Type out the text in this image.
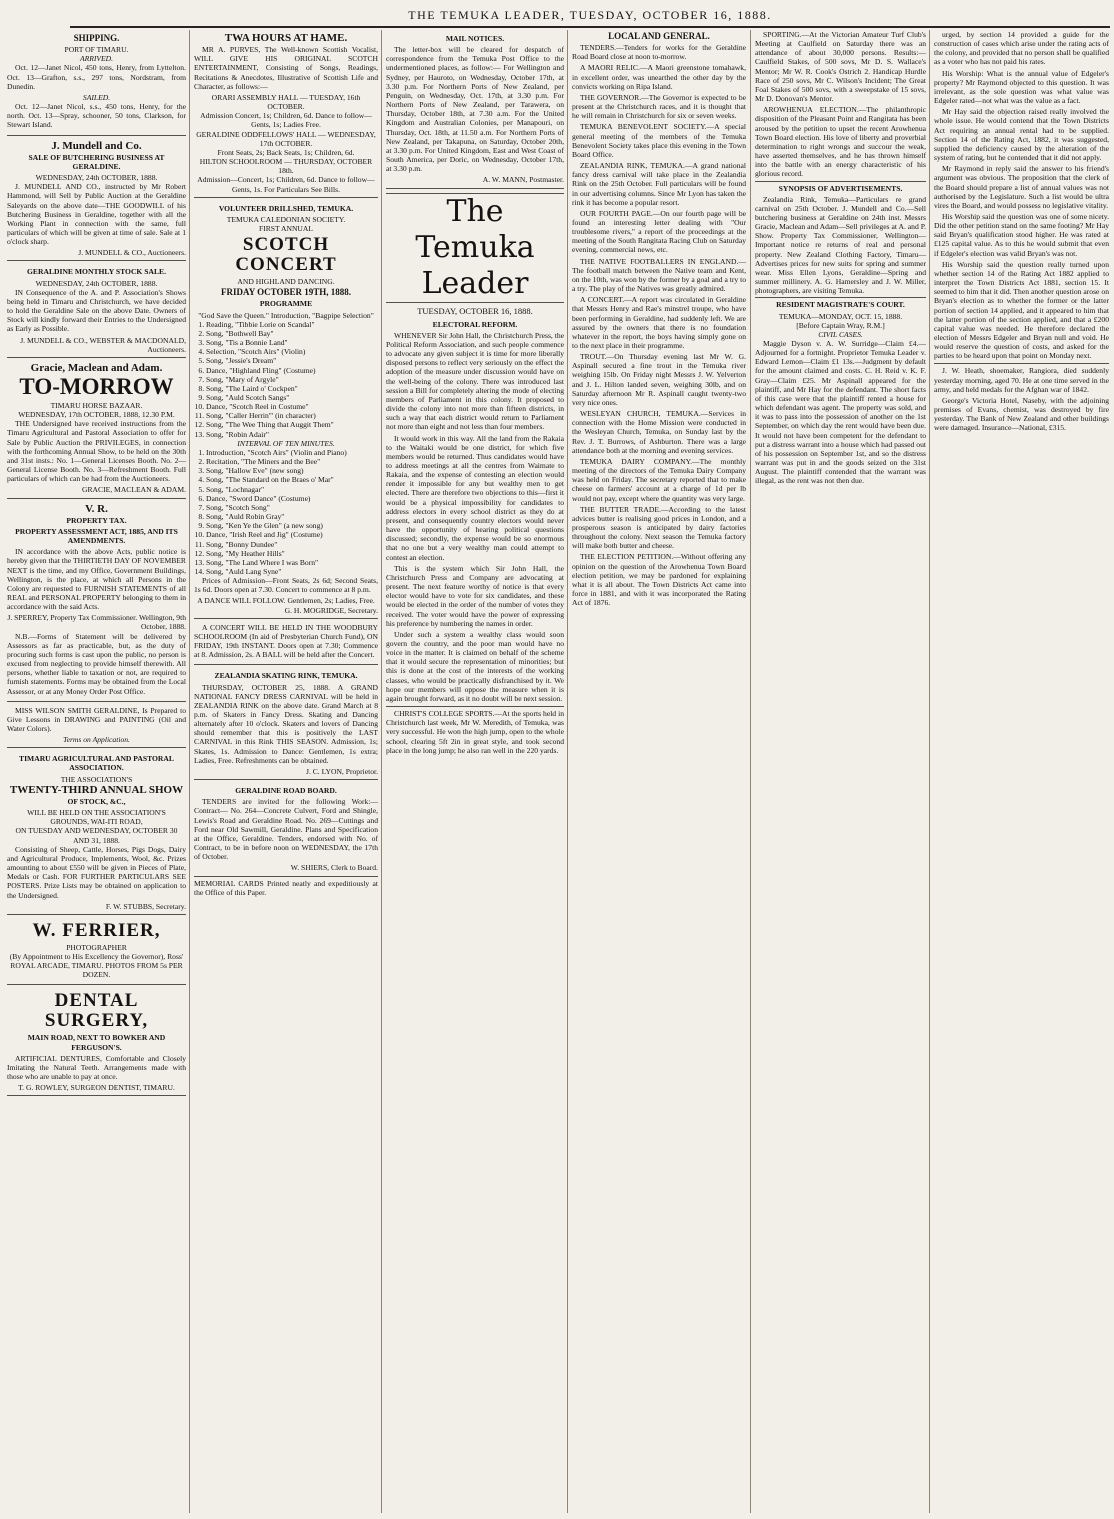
THE TEMUKA LEADER, TUESDAY, OCTOBER 16, 1888.
SHIPPING.
PORT OF TIMARU.
ARRIVED.

Oct. 12—Janet Nicol, 450 tons, Henry, from Lyttelton. Oct. 13—Grafton, s.s., 297 tons, Nordstram, from Dunedin.

SAILED.

Oct. 12—Janet Nicol, s.s., 450 tons, Henry, for the north. Oct. 13—Spray, schooner, 50 tons, Clarkson, for Stewart Island.

J. Mundell and Co.
SALE OF BUTCHERING BUSINESS AT GERALDINE.
WEDNESDAY, 24th OCTOBER, 1888.

J. MUNDELL AND CO., instructed by Mr Robert Hammond, will Sell by Public Auction at the Geraldine Saleyards on the above date—THE GOODWILL of his Butchering Business in Geraldine, together with all the Working Plant in connection with the same, full particulars of which will be given at time of sale. Sale at 1 o'clock sharp.

J. MUNDELL & CO., Auctioneers.
GERALDINE MONTHLY STOCK SALE.
WEDNESDAY, 24th OCTOBER, 1888.

IN Consequence of the A. and P. Association's Shows being held in Timaru and Christchurch, we have decided to hold the Geraldine Sale on the above Date. Owners of Stock will kindly forward their Entries to the Undersigned as Early as Possible.

J. MUNDELL & CO., WEBSTER & MACDONALD, Auctioneers.
Gracie, Maclean and Adam.
TO-MORROW
TIMARU HORSE BAZAAR.
WEDNESDAY, 17th OCTOBER, 1888, 12.30 P.M.

THE Undersigned have received instructions from the Timaru Agricultural and Pastoral Association to offer for Sale by Public Auction the PRIVILEGES, in connection with the forthcoming Annual Show, to be held on the 30th and 31st insts.: No. 1—General Licenses Booth. No. 2—General License Booth. No. 3—Refreshment Booth. Full particulars of which can be had from the Auctioneers.

GRACIE, MACLEAN & ADAM.
V. R.
PROPERTY TAX.
PROPERTY ASSESSMENT ACT, 1885, AND ITS AMENDMENTS.

IN accordance with the above Acts, public notice is hereby given that the THIRTIETH DAY OF NOVEMBER NEXT is the time, and my Office, Government Buildings, Wellington, is the place, at which all Persons in the Colony are requested to FURNISH STATEMENTS of all REAL and PERSONAL PROPERTY belonging to them in accordance with the said Acts.

J. SPERREY, Property Tax Commissioner. Wellington, 9th October, 1888.

N.B.—Forms of Statement will be delivered by Assessors as far as practicable, but, as the duty of procuring such forms is cast upon the public, no person is excused from neglecting to provide himself therewith. All persons, whether liable to taxation or not, are required to furnish statements. Forms may be obtained from the Local Assessor, or at any Money Order Post Office.

MISS WILSON SMITH GERALDINE, Is Prepared to Give Lessons in DRAWING and PAINTING (Oil and Water Colors).

Terms on Application.
TIMARU AGRICULTURAL AND PASTORAL ASSOCIATION.
THE ASSOCIATION'S
TWENTY-THIRD ANNUAL SHOW
OF STOCK, &C.,
WILL BE HELD ON THE ASSOCIATION'S GROUNDS, WAI-ITI ROAD,
ON TUESDAY AND WEDNESDAY, OCTOBER 30 AND 31, 1888.

Consisting of Sheep, Cattle, Horses, Pigs Dogs, Dairy and Agricultural Produce, Implements, Wool, &c. Prizes amounting to about £550 will be given in Pieces of Plate, Medals or Cash. FOR FURTHER PARTICULARS SEE POSTERS. Prize Lists may be obtained on application to the Undersigned.

F. W. STUBBS, Secretary.
W. FERRIER,
PHOTOGRAPHER

(By Appointment to His Excellency the Governor), Ross' ROYAL ARCADE, TIMARU. PHOTOS FROM 5s PER DOZEN.

DENTAL SURGERY,
MAIN ROAD, NEXT TO BOWKER AND FERGUSON'S.

ARTIFICIAL DENTURES, Comfortable and Closely Imitating the Natural Teeth. Arrangements made with those who are unable to pay at once.

T. G. ROWLEY, SURGEON DENTIST, TIMARU.
TWA HOURS AT HAME.

MR A. PURVES, The Well-known Scottish Vocalist, WILL GIVE HIS ORIGINAL SCOTCH ENTERTAINMENT, Consisting of Songs, Readings, Recitations & Anecdotes, Illustrative of Scottish Life and Character, as follows:—

ORARI ASSEMBLY HALL — TUESDAY, 16th OCTOBER.
Admission Concert, 1s; Children, 6d. Dance to follow—Gents, 1s; Ladies Free.
GERALDINE ODDFELLOWS' HALL — WEDNESDAY, 17th OCTOBER.
Front Seats, 2s; Back Seats, 1s; Children, 6d.
HILTON SCHOOLROOM — THURSDAY, OCTOBER 18th.
Admission—Concert, 1s; Children, 6d. Dance to follow—Gents, 1s. For Particulars See Bills.
VOLUNTEER DRILLSHED, TEMUKA.
TEMUKA CALEDONIAN SOCIETY.
FIRST ANNUAL
SCOTCH CONCERT
AND HIGHLAND DANCING.
FRIDAY OCTOBER 19TH, 1888.
PROGRAMME
"God Save the Queen." Introduction, "Bagpipe Selection"
1. Reading, "Tibbie Lorie on Scandal"
2. Song, "Bothwell Bay"
3. Song, "Tis a Bonnie Land"
4. Selection, "Scotch Airs" (Violin)
5. Song, "Jessie's Dream"
6. Dance, "Highland Fling" (Costume)
7. Song, "Mary of Argyle"
8. Song, "The Laird o' Cockpen"
9. Song, "Auld Scotch Sangs"
10. Dance, "Scotch Reel in Costume"
11. Song, "Caller Herrin'" (in character)
12. Song, "The Wee Thing that Auggit Them"
13. Song, "Robin Adair"
INTERVAL OF TEN MINUTES.
1. Introduction, "Scotch Airs" (Violin and Piano)
2. Recitation, "The Miners and the Bee"
3. Song, "Hallow Eve" (new song)
4. Song, "The Standard on the Braes o' Mar"
5. Song, "Lochnagar"
6. Dance, "Sword Dance" (Costume)
7. Song, "Scotch Song"
8. Song, "Auld Robin Gray"
9. Song, "Ken Ye the Glen" (a new song)
10. Dance, "Irish Reel and Jig" (Costume)
11. Song, "Bonny Dundee"
12. Song, "My Heather Hills"
13. Song, "The Land Where I was Born"
14. Song, "Auld Lang Syne"

Prices of Admission—Front Seats, 2s 6d; Second Seats, 1s 6d. Doors open at 7.30. Concert to commence at 8 p.m.

A DANCE WILL FOLLOW. Gentlemen, 2s; Ladies, Free.
G. H. MOGRIDGE, Secretary.

A CONCERT WILL BE HELD IN THE WOODBURY SCHOOLROOM (In aid of Presbyterian Church Fund), ON FRIDAY, 19th INSTANT. Doors open at 7.30; Commence at 8. Admission, 2s. A BALL will be held after the Concert.

ZEALANDIA SKATING RINK, TEMUKA.

THURSDAY, OCTOBER 25, 1888. A GRAND NATIONAL FANCY DRESS CARNIVAL will be held in ZEALANDIA RINK on the above date. Grand March at 8 p.m. of Skaters in Fancy Dress. Skating and Dancing alternately after 10 o'clock. Skaters and lovers of Dancing should remember that this is positively the LAST CARNIVAL in this Rink THIS SEASON. Admission, 1s; Skates, 1s. Admission to Dance: Gentlemen, 1s extra; Ladies, Free. Refreshments can be obtained.

J. C. LYON, Proprietor.
GERALDINE ROAD BOARD.

TENDERS are invited for the following Work:— Contract— No. 264—Concrete Culvert, Ford and Shingle, Lewis's Road and Geraldine Road. No. 269—Cuttings and Ford near Old Sawmill, Geraldine. Plans and Specification at the Office, Geraldine. Tenders, endorsed with No. of Contract, to be in before noon on WEDNESDAY, the 17th of October.

W. SHIERS, Clerk to Board.

MEMORIAL CARDS Printed neatly and expeditiously at the Office of this Paper.

MAIL NOTICES.

The letter-box will be cleared for despatch of correspondence from the Temuka Post Office to the undermentioned places, as follow:— For Wellington and Sydney, per Hauroto, on Wednesday, October 17th, at 3.30 p.m. For Northern Ports of New Zealand, per Penguin, on Wednesday, Oct. 17th, at 3.30 p.m. For Northern Ports of New Zealand, per Tarawera, on Thursday, October 18th, at 7.30 a.m. For the United Kingdom and Australian Colonies, per Manapouri, on Thursday, Oct. 18th, at 11.50 a.m. For Northern Ports of New Zealand, per Takapuna, on Saturday, October 20th, at 3.30 p.m. For United Kingdom, East and West Coast of South America, per Doric, on Wednesday, October 17th, at 3.30 p.m.

A. W. MANN, Postmaster.
The Temuka Leader
TUESDAY, OCTOBER 16, 1888.
ELECTORAL REFORM.

WHENEVER Sir John Hall, the Christchurch Press, the Political Reform Association, and such people commence to advocate any given subject it is time for more liberally disposed persons to reflect very seriously on the effect the adoption of the measure under discussion would have on the well-being of the colony. There was introduced last session a Bill for completely altering the mode of electing members of Parliament in this colony. It proposed to divide the colony into not more than fifteen districts, in such a way that each district would return to Parliament not more than eight and not less than four members.

It would work in this way. All the land from the Rakaia to the Waitaki would be one district, for which five members would be returned. Thus candidates would have to address meetings at all the centres from Waimate to Rakaia, and the expense of contesting an election would render it impossible for any but wealthy men to get elected. There are therefore two objections to this—first it would be a physical impossibility for candidates to address electors in every school district as they do at present, and consequently country electors would never have the opportunity of hearing political questions discussed; secondly, the expense would be so enormous that no one but a very wealthy man could attempt to contest an election.

This is the system which Sir John Hall, the Christchurch Press and Company are advocating at present. The next feature worthy of notice is that every elector would have to vote for six candidates, and these would be elected in the order of the number of votes they received. The voter would have the power of expressing his preference by numbering the names in order.

Under such a system a wealthy class would soon govern the country, and the poor man would have no voice in the matter. It is claimed on behalf of the scheme that it would secure the representation of minorities; but this is done at the cost of the interests of the working classes, who would be practically disfranchised by it. We hope our members will oppose the measure when it is again brought forward, as it no doubt will be next session.

CHRIST'S COLLEGE SPORTS.—At the sports held in Christchurch last week, Mr W. Meredith, of Temuka, was very successful. He won the high jump, open to the whole school, clearing 5ft 2in in great style, and took second place in the long jump; he also ran well in the 220 yards.

LOCAL AND GENERAL.

TENDERS.—Tenders for works for the Geraldine Road Board close at noon to-morrow.

A MAORI RELIC.—A Maori greenstone tomahawk, in excellent order, was unearthed the other day by the convicts working on Ripa Island.

THE GOVERNOR.—The Governor is expected to be present at the Christchurch races, and it is thought that he will remain in Christchurch for six or seven weeks.

TEMUKA BENEVOLENT SOCIETY.—A special general meeting of the members of the Temuka Benevolent Society takes place this evening in the Town Board Office.

ZEALANDIA RINK, TEMUKA.—A grand national fancy dress carnival will take place in the Zealandia Rink on the 25th October. Full particulars will be found in our advertising columns. Since Mr Lyon has taken the rink it has become a popular resort.

OUR FOURTH PAGE.—On our fourth page will be found an interesting letter dealing with "Our troublesome rivers," a report of the proceedings at the meeting of the South Rangitata Racing Club on Saturday evening, commercial news, etc.

THE NATIVE FOOTBALLERS IN ENGLAND.—The football match between the Native team and Kent, on the 10th, was won by the former by a goal and a try to a try. The play of the Natives was greatly admired.

A CONCERT.—A report was circulated in Geraldine that Messrs Henry and Rae's minstrel troupe, who have been performing in Geraldine, had suddenly left. We are assured by the owners that there is no foundation whatever in the report, the boys having simply gone on to the next place in their programme.

TROUT.—On Thursday evening last Mr W. G. Aspinall secured a fine trout in the Temuka river weighing 15lb. On Friday night Messrs J. W. Yelverton and J. L. Hilton landed seven, weighing 30lb, and on Saturday afternoon Mr R. Aspinall caught twenty-two very nice ones.

WESLEYAN CHURCH, TEMUKA.—Services in connection with the Home Mission were conducted in the Wesleyan Church, Temuka, on Sunday last by the Rev. J. T. Burrows, of Ashburton. There was a large attendance both at the morning and evening services.

TEMUKA DAIRY COMPANY.—The monthly meeting of the directors of the Temuka Dairy Company was held on Friday. The secretary reported that to make cheese on farmers' account at a charge of 1d per lb would not pay, except where the quantity was very large.

THE BUTTER TRADE.—According to the latest advices butter is realising good prices in London, and a prosperous season is anticipated by dairy factories throughout the colony. Next season the Temuka factory will make both butter and cheese.

THE ELECTION PETITION.—Without offering any opinion on the question of the Arowhenua Town Board election petition, we may be pardoned for explaining what it is all about. The Town Districts Act came into force in 1881, and with it was incorporated the Rating Act of 1876.

SPORTING.—At the Victorian Amateur Turf Club's Meeting at Caulfield on Saturday there was an attendance of about 30,000 persons. Results:—Caulfield Stakes, of 500 sovs, Mr D. S. Wallace's Mentor; Mr W. R. Cook's Ostrich 2. Handicap Hurdle Race of 250 sovs, Mr C. Wilson's Incident; The Great Foal Stakes of 500 sovs, with a sweepstake of 15 sovs, Mr D. Donovan's Mentor.

AROWHENUA ELECTION.—The philanthropic disposition of the Pleasant Point and Rangitata has been aroused by the petition to upset the recent Arowhenua Town Board election. His love of liberty and proverbial determination to right wrongs and succour the weak, have asserted themselves, and he has thrown himself into the battle with an energy characteristic of his glorious record.

SYNOPSIS OF ADVERTISEMENTS.

Zealandia Rink, Temuka—Particulars re grand carnival on 25th October. J. Mundell and Co.—Sell butchering business at Geraldine on 24th inst. Messrs Gracie, Maclean and Adam—Sell privileges at A. and P. Show. Property Tax Commissioner, Wellington—Important notice re returns of real and personal property. New Zealand Clothing Factory, Timaru—Advertises prices for new suits for spring and summer wear. Miss Ellen Lyons, Geraldine—Spring and summer millinery. A. G. Hamersley and J. W. Miller, photographers, are visiting Temuka.

RESIDENT MAGISTRATE'S COURT.
TEMUKA—MONDAY, OCT. 15, 1888.
[Before Captain Wray, R.M.]
CIVIL CASES.

Maggie Dyson v. A. W. Surridge—Claim £4.—Adjourned for a fortnight. Proprietor Temuka Leader v. Edward Lemon—Claim £1 13s.—Judgment by default for the amount claimed and costs. C. H. Reid v. K. F. Gray—Claim £25. Mr Aspinall appeared for the plaintiff, and Mr Hay for the defendant. The short facts of this case were that the plaintiff rented a house for which defendant was agent. The property was sold, and it was to pass into the possession of another on the 1st September, on which day the rent would have been due. It would not have been competent for the defendant to put a distress warrant into a house which had passed out of his possession on September 1st, and so the distress warrant was put in and the goods seized on the 31st August. The plaintiff contended that the warrant was illegal, as the rent was not then due.

urged, by section 14 provided a guide for the construction of cases which arise under the rating acts of the colony, and provided that no person shall be qualified as a voter who has not paid his rates.

His Worship: What is the annual value of Edgeler's property? Mr Raymond objected to this question. It was irrelevant, as the sole question was what value was Edgeler rated—not what was the value as a fact.

Mr Hay said the objection raised really involved the whole issue. He would contend that the Town Districts Act requiring an annual rental had to be supplied. Section 14 of the Rating Act, 1882, it was suggested, supplied the deficiency caused by the alteration of the system of rating, but he contended that it did not apply.

Mr Raymond in reply said the answer to his friend's argument was obvious. The proposition that the clerk of the Board should prepare a list of annual values was not authorised by the Legislature. Such a list would be ultra vires the Board, and would possess no legislative vitality.

His Worship said the question was one of some nicety. Did the other petition stand on the same footing? Mr Hay said Bryan's qualification stood higher. He was rated at £125 capital value. As to this he would submit that even if Edgeler's election was valid Bryan's was not.

His Worship said the question really turned upon whether section 14 of the Rating Act 1882 applied to interpret the Town Districts Act 1881, section 15. It seemed to him that it did. Then another question arose on Bryan's election as to whether the former or the latter portion of section 14 applied, and it appeared to him that the latter portion of the section applied, and that a £200 capital value was needed. He therefore declared the election of Messrs Edgeler and Bryan null and void. He would reserve the question of costs, and asked for the parties to be heard upon that point on Monday next.

J. W. Heath, shoemaker, Rangiora, died suddenly yesterday morning, aged 70. He at one time served in the army, and held medals for the Afghan war of 1842.

George's Victoria Hotel, Naseby, with the adjoining premises of Evans, chemist, was destroyed by fire yesterday. The Bank of New Zealand and other buildings were damaged. Insurance—National, £315.
